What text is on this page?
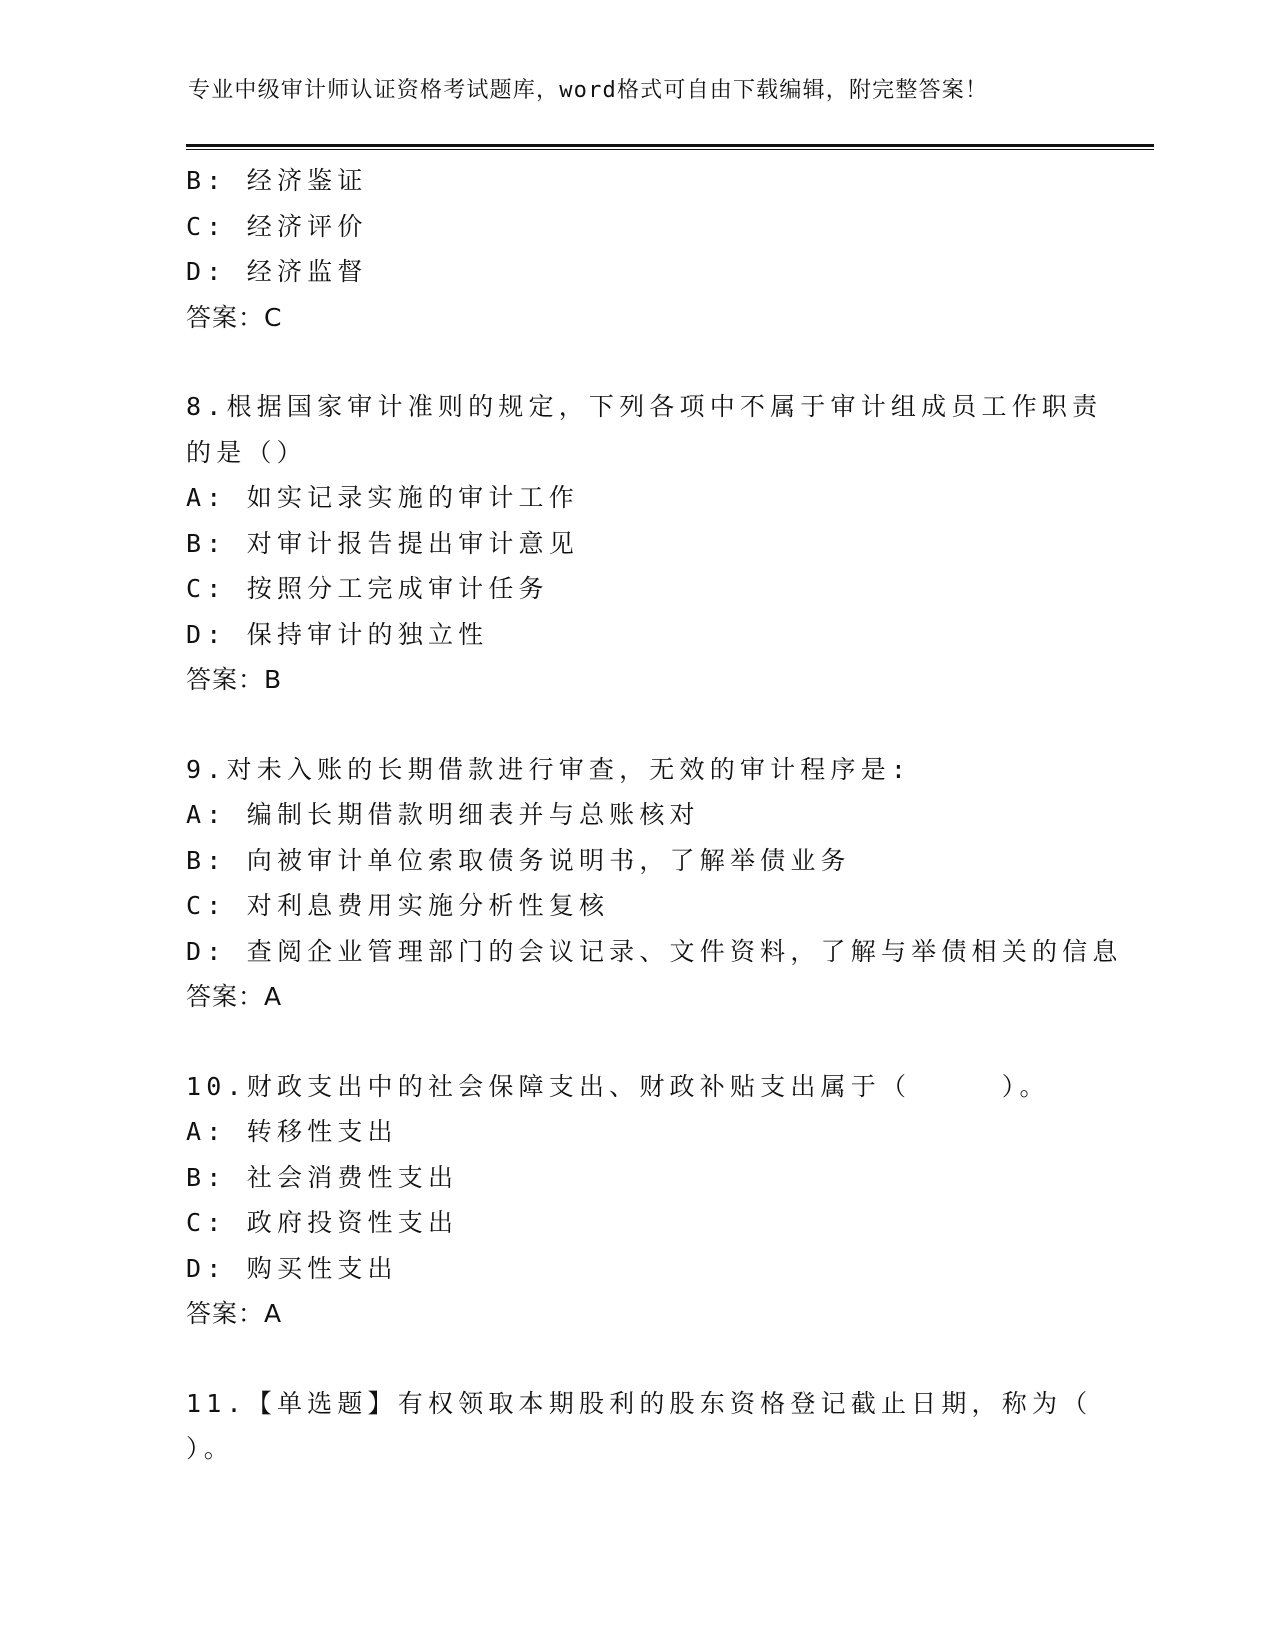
专业中级审计师认证资格考试题库，word格式可自由下载编辑，附完整答案！
B: 经济鉴证
C: 经济评价
D: 经济监督
答案：C
8.根据国家审计准则的规定，下列各项中不属于审计组成员工作职责
的是（）
A: 如实记录实施的审计工作
B: 对审计报告提出审计意见
C: 按照分工完成审计任务
D: 保持审计的独立性
答案：B
9.对未入账的长期借款进行审查，无效的审计程序是:
A: 编制长期借款明细表并与总账核对
B: 向被审计单位索取债务说明书，了解举债业务
C: 对利息费用实施分析性复核
D: 查阅企业管理部门的会议记录、文件资料，了解与举债相关的信息
答案：A
10.财政支出中的社会保障支出、财政补贴支出属于（　　　）。
A: 转移性支出
B: 社会消费性支出
C: 政府投资性支出
D: 购买性支出
答案：A
11.【单选题】有权领取本期股利的股东资格登记截止日期，称为（
）。
